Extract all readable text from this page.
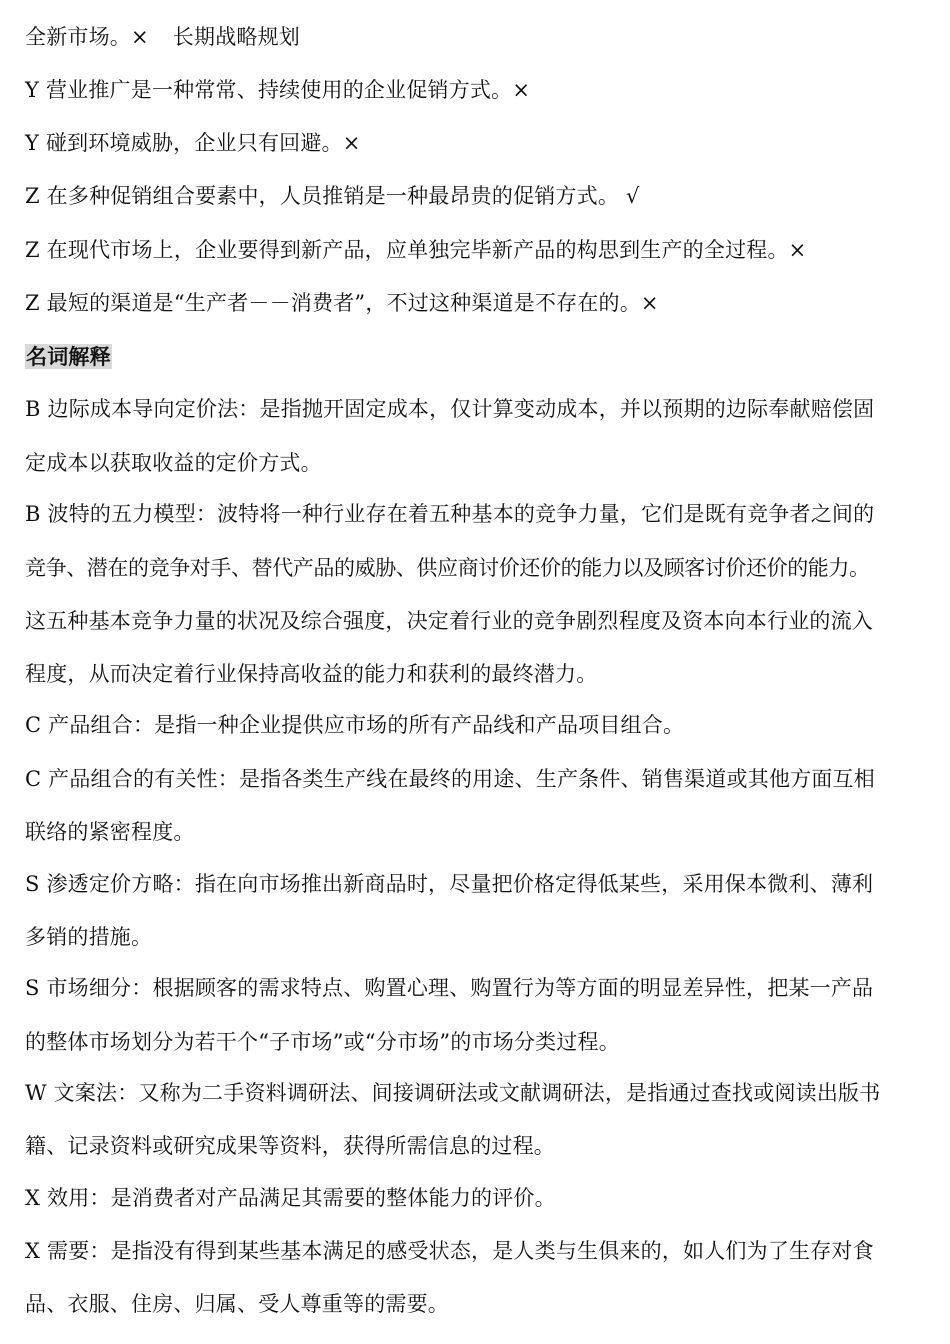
全新市场。× 长期战略规划
Y 营业推广是一种常常、持续使用的企业促销方式。×
Y 碰到环境威胁，企业只有回避。×
Z 在多种促销组合要素中，人员推销是一种最昂贵的促销方式。 √
Z 在现代市场上，企业要得到新产品，应单独完毕新产品的构思到生产的全过程。×
Z 最短的渠道是“生产者－－消费者”，不过这种渠道是不存在的。×
名词解释
B 边际成本导向定价法：是指抛开固定成本，仅计算变动成本，并以预期的边际奉献赔偿固
定成本以获取收益的定价方式。
B 波特的五力模型：波特将一种行业存在着五种基本的竞争力量，它们是既有竞争者之间的
竞争、潜在的竞争对手、替代产品的威胁、供应商讨价还价的能力以及顾客讨价还价的能力。
这五种基本竞争力量的状况及综合强度，决定着行业的竞争剧烈程度及资本向本行业的流入
程度，从而决定着行业保持高收益的能力和获利的最终潜力。
C 产品组合：是指一种企业提供应市场的所有产品线和产品项目组合。
C 产品组合的有关性：是指各类生产线在最终的用途、生产条件、销售渠道或其他方面互相
联络的紧密程度。
S 渗透定价方略：指在向市场推出新商品时，尽量把价格定得低某些，采用保本微利、薄利
多销的措施。
S 市场细分：根据顾客的需求特点、购置心理、购置行为等方面的明显差异性，把某一产品
的整体市场划分为若干个“子市场”或“分市场”的市场分类过程。
W 文案法：又称为二手资料调研法、间接调研法或文献调研法，是指通过查找或阅读出版书
籍、记录资料或研究成果等资料，获得所需信息的过程。
X 效用：是消费者对产品满足其需要的整体能力的评价。
X 需要：是指没有得到某些基本满足的感受状态，是人类与生俱来的，如人们为了生存对食
品、衣服、住房、归属、受人尊重等的需要。
